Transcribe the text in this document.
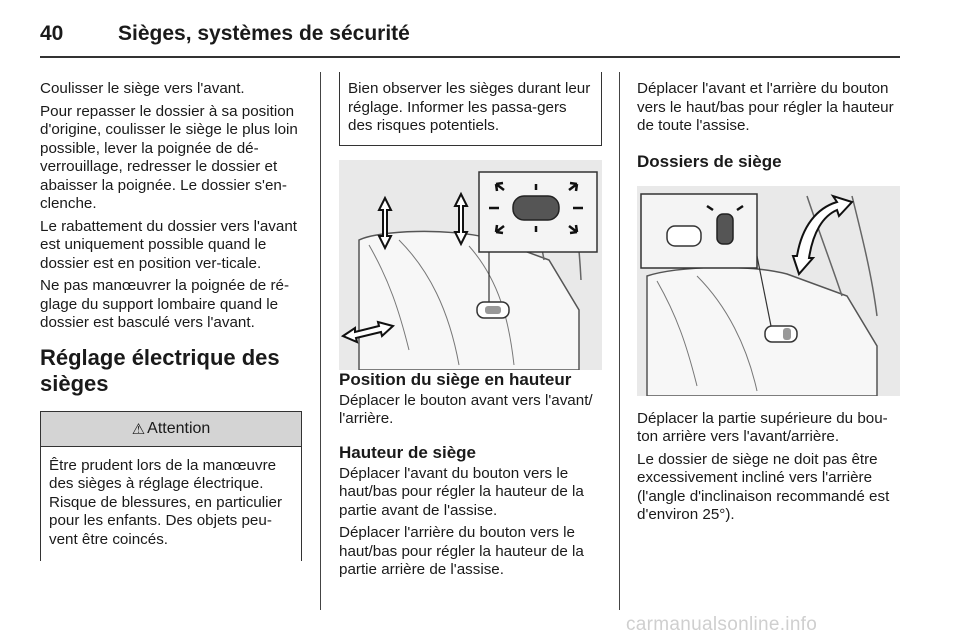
40	Sièges, systèmes de sécurité

Coulisser le siège vers l'avant.

Pour repasser le dossier à sa position d'origine, coulisser le siège le plus loin possible, lever la poignée de dé-verrouillage, redresser le dossier et abaisser la poignée. Le dossier s'en-clenche.

Le rabattement du dossier vers l'avant est uniquement possible quand le dossier est en position ver-ticale.

Ne pas manœuvrer la poignée de ré-glage du support lombaire quand le dossier est basculé vers l'avant.

Réglage électrique des sièges
⚠ Attention

Être prudent lors de la manœuvre des sièges à réglage électrique. Risque de blessures, en particulier pour les enfants. Des objets peu-vent être coincés.

Bien observer les sièges durant leur réglage. Informer les passa-gers des risques potentiels.

Position du siège en hauteur

Déplacer le bouton avant vers l'avant/ l'arrière.

Hauteur de siège

Déplacer l'avant du bouton vers le haut/bas pour régler la hauteur de la partie avant de l'assise.

Déplacer l'arrière du bouton vers le haut/bas pour régler la hauteur de la partie arrière de l'assise.

Déplacer l'avant et l'arrière du bouton vers le haut/bas pour régler la hauteur de toute l'assise.

Dossiers de siège

Déplacer la partie supérieure du bou-ton arrière vers l'avant/arrière.

Le dossier de siège ne doit pas être excessivement incliné vers l'arrière (l'angle d'inclinaison recommandé est d'environ 25°).

carmanualsonline.info
